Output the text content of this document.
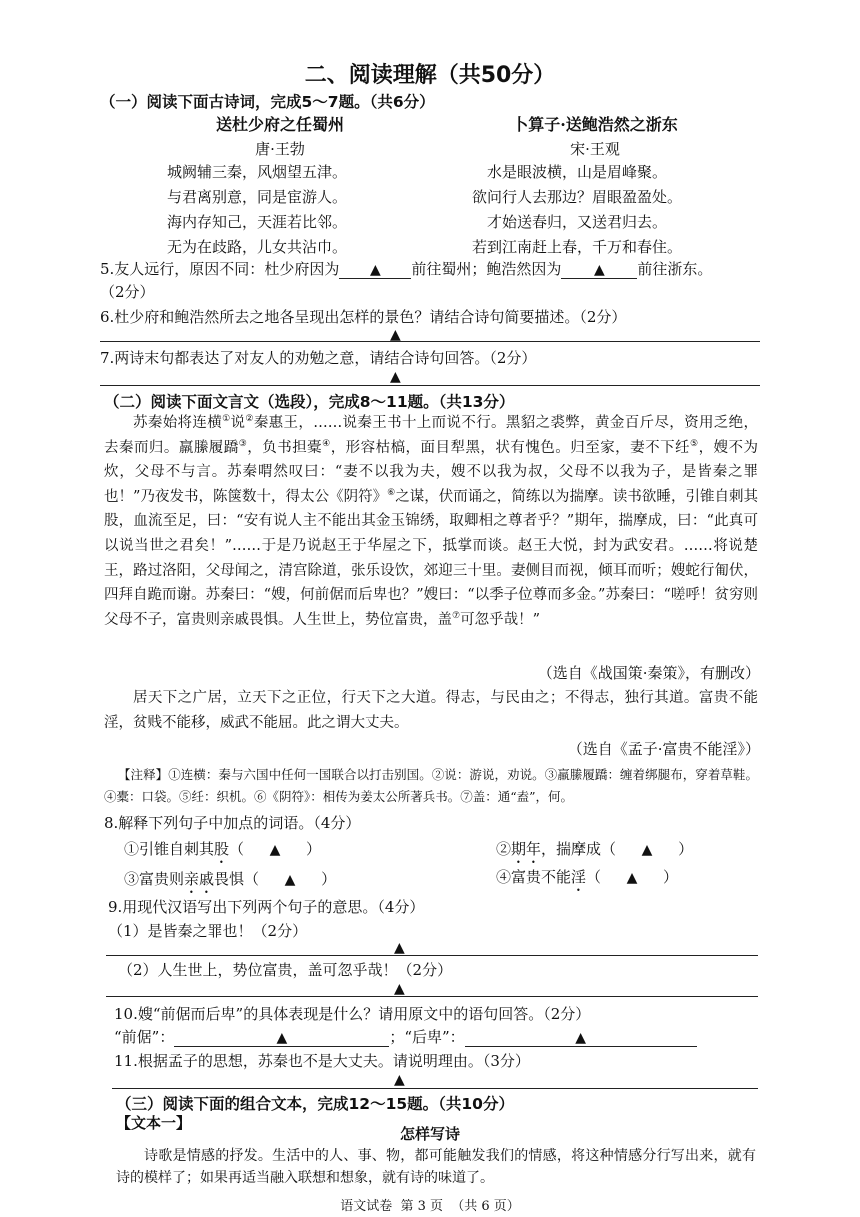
二、阅读理解（共50分）
（一）阅读下面古诗词，完成5～7题。（共6分）
送杜少府之任蜀州
唐·王勃
城阙辅三秦，风烟望五津。
与君离别意，同是宦游人。
海内存知己，天涯若比邻。
无为在歧路，儿女共沾巾。
卜算子·送鲍浩然之浙东
宋·王观
水是眼波横，山是眉峰聚。
欲问行人去那边？眉眼盈盈处。
才始送春归，又送君归去。
若到江南赶上春，千万和春住。
5.友人远行，原因不同：杜少府因为 ▲ 前往蜀州；鲍浩然因为 ▲ 前往浙东。
（2分）
6.杜少府和鲍浩然所去之地各呈现出怎样的景色？请结合诗句简要描述。（2分）
▲
7.两诗末句都表达了对友人的劝勉之意，请结合诗句回答。（2分）
▲
（二）阅读下面文言文（选段），完成8～11题。（共13分）
苏秦始将连横①说②秦惠王，……说秦王书十上而说不行。黑貂之裘弊，黄金百斤尽，资用乏绝，去秦而归。羸縢履蹻③，负书担橐④，形容枯槁，面目犁黑，状有愧色。归至家，妻不下纴⑤，嫂不为炊，父母不与言。苏秦喟然叹曰：“妻不以我为夫，嫂不以我为叔，父母不以我为子，是皆秦之罪也！”乃夜发书，陈箧数十，得太公《阴符》⑥之谋，伏而诵之，简练以为揣摩。读书欲睡，引锥自刺其股，血流至足，曰：“安有说人主不能出其金玉锦绣，取卿相之尊者乎？”期年，揣摩成，曰：“此真可以说当世之君矣！”……于是乃说赵王于华屋之下，抵掌而谈。赵王大悦，封为武安君。……将说楚王，路过洛阳，父母闻之，清宫除道，张乐设饮，郊迎三十里。妻侧目而视，倾耳而听；嫂蛇行匍伏，四拜自跪而谢。苏秦曰：“嫂，何前倨而后卑也？”嫂曰：“以季子位尊而多金。”苏秦曰：“嗟呼！贫穷则父母不子，富贵则亲戚畏惧。人生世上，势位富贵，盖⑦可忽乎哉！”
（选自《战国策·秦策》，有删改）
居天下之广居，立天下之正位，行天下之大道。得志，与民由之；不得志，独行其道。富贵不能淫，贫贱不能移，威武不能屈。此之谓大丈夫。
（选自《孟子·富贵不能淫》）
【注释】①连横：秦与六国中任何一国联合以打击别国。②说：游说，劝说。③羸縢履蹻：缠着绑腿布，穿着草鞋。④橐：口袋。⑤纴：织机。⑥《阴符》：相传为姜太公所著兵书。⑦盖：通“盍”，何。
8.解释下列句子中加点的词语。（4分）
①引锥自刺其股（ ▲ ）	②期年，揣摩成（ ▲ ）
③富贵则亲戚畏惧（ ▲ ）	④富贵不能淫（ ▲ ）
9.用现代汉语写出下列两个句子的意思。（4分）
（1）是皆秦之罪也！（2分）
▲
（2）人生世上，势位富贵，盖可忽乎哉！（2分）
▲
10.嫂“前倨而后卑”的具体表现是什么？请用原文中的语句回答。（2分）
“前倨”：	▲	；“后卑”：	▲
11.根据孟子的思想，苏秦也不是大丈夫。请说明理由。（3分）
▲
（三）阅读下面的组合文本，完成12～15题。（共10分）
【文本一】
怎样写诗
诗歌是情感的抒发。生活中的人、事、物，都可能触发我们的情感，将这种情感分行写出来，就有诗的模样了；如果再适当融入联想和想象，就有诗的味道了。
语文试卷  第 3 页  （共 6 页）
